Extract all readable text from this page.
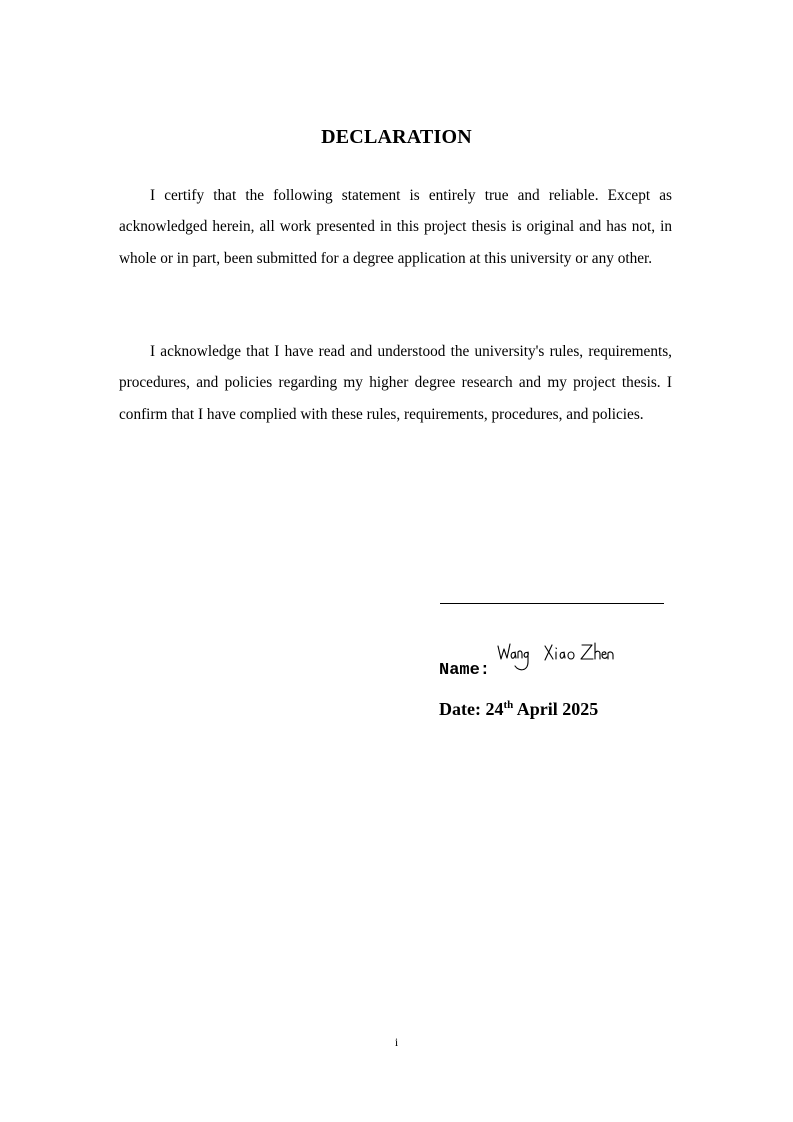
DECLARATION

I certify that the following statement is entirely true and reliable. Except as acknowledged herein, all work presented in this project thesis is original and has not, in whole or in part, been submitted for a degree application at this university or any other.

I acknowledge that I have read and understood the university's rules, requirements, procedures, and policies regarding my higher degree research and my project thesis. I confirm that I have complied with these rules, requirements, procedures, and policies.

Name:
Date: 24th April 2025
i
